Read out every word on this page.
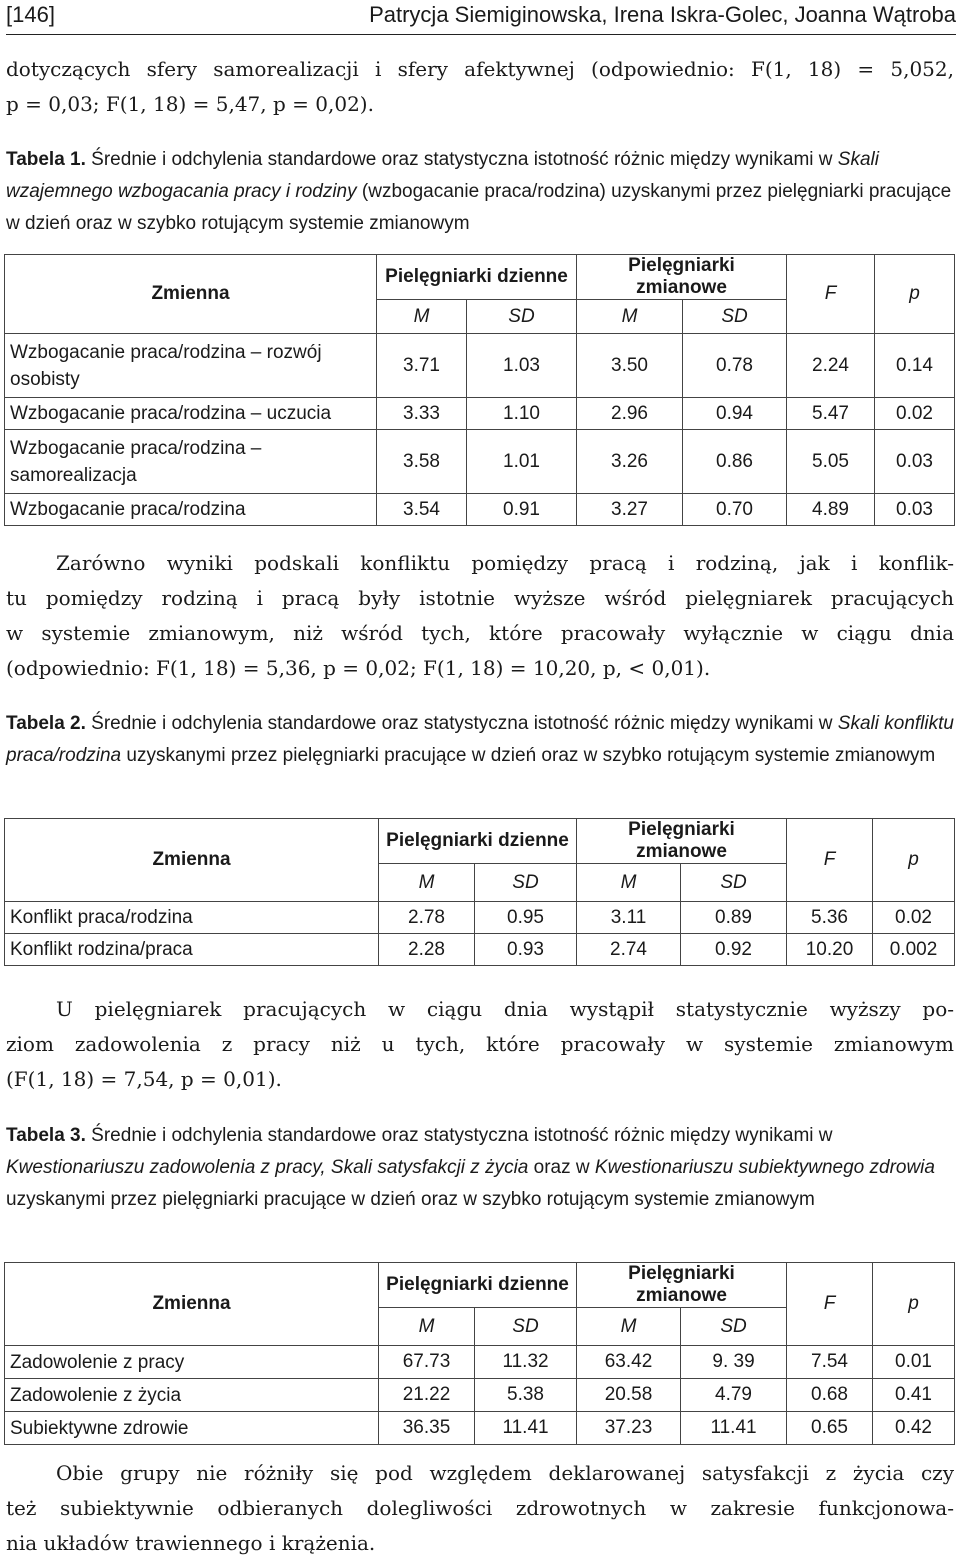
[146]	Patrycja Siemiginowska, Irena Iskra-Golec, Joanna Wątroba
dotyczących sfery samorealizacji i sfery afektywnej (odpowiednio: F(1, 18) = 5,052,
p = 0,03; F(1, 18) = 5,47, p = 0,02).
Tabela 1. Średnie i odchylenia standardowe oraz statystyczna istotność różnic między wynikami w Skali wzajemnego wzbogacania pracy i rodziny (wzbogacanie praca/rodzina) uzyskanymi przez pielęgniarki pracujące w dzień oraz w szybko rotującym systemie zmianowym
Zmienna	Pielęgniarki dzienne		Pielęgniarki zmianowe		F	p
	M	SD	M	SD		
Wzbogacanie praca/rodzina – rozwój osobisty	3.71	1.03	3.50	0.78	2.24	0.14
Wzbogacanie praca/rodzina – uczucia	3.33	1.10	2.96	0.94	5.47	0.02
Wzbogacanie praca/rodzina – samorealizacja	3.58	1.01	3.26	0.86	5.05	0.03
Wzbogacanie praca/rodzina	3.54	0.91	3.27	0.70	4.89	0.03
Zarówno wyniki podskali konfliktu pomiędzy pracą i rodziną, jak i konflik-
tu pomiędzy rodziną i pracą były istotnie wyższe wśród pielęgniarek pracujących
w systemie zmianowym, niż wśród tych, które pracowały wyłącznie w ciągu dnia
(odpowiednio: F(1, 18) = 5,36, p = 0,02; F(1, 18) = 10,20, p, < 0,01).
Tabela 2. Średnie i odchylenia standardowe oraz statystyczna istotność różnic między wynikami w Skali konfliktu praca/rodzina uzyskanymi przez pielęgniarki pracujące w dzień oraz w szybko rotującym systemie zmianowym
Zmienna	Pielęgniarki dzienne		Pielęgniarki zmianowe		F	p
	M	SD	M	SD		
Konflikt praca/rodzina	2.78	0.95	3.11	0.89	5.36	0.02
Konflikt rodzina/praca	2.28	0.93	2.74	0.92	10.20	0.002
U pielęgniarek pracujących w ciągu dnia wystąpił statystycznie wyższy po-
ziom zadowolenia z pracy niż u tych, które pracowały w systemie zmianowym
(F(1, 18) = 7,54, p = 0,01).
Tabela 3. Średnie i odchylenia standardowe oraz statystyczna istotność różnic między wynikami w Kwestionariuszu zadowolenia z pracy, Skali satysfakcji z życia oraz w Kwestionariuszu subiektywnego zdrowia uzyskanymi przez pielęgniarki pracujące w dzień oraz w szybko rotującym systemie zmianowym
Zmienna	Pielęgniarki dzienne		Pielęgniarki zmianowe		F	p
	M	SD	M	SD		
Zadowolenie z pracy	67.73	11.32	63.42	9. 39	7.54	0.01
Zadowolenie z życia	21.22	5.38	20.58	4.79	0.68	0.41
Subiektywne zdrowie	36.35	11.41	37.23	11.41	0.65	0.42
Obie grupy nie różniły się pod względem deklarowanej satysfakcji z życia czy
też subiektywnie odbieranych dolegliwości zdrowotnych w zakresie funkcjonowa-
nia układów trawiennego i krążenia.
